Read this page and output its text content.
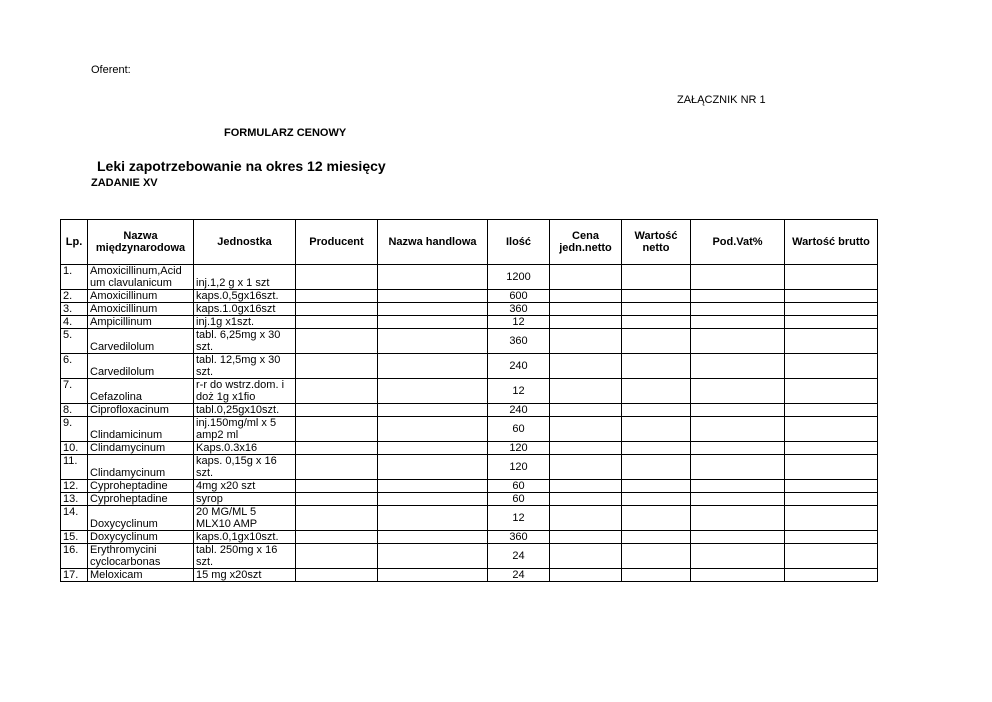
Oferent:
ZAŁĄCZNIK NR 1
FORMULARZ CENOWY
Leki zapotrzebowanie na okres 12 miesięcy
ZADANIE XV
Lp.	Nazwa międzynarodowa	Jednostka	Producent	Nazwa handlowa	Ilość	Cena jedn.netto	Wartość netto	Pod.Vat%	Wartość brutto
1.	Amoxicillinum,Acid um clavulanicum	inj.1,2 g x 1 szt			1200				
2.	Amoxicillinum	kaps.0,5gx16szt.			600				
3.	Amoxicillinum	kaps.1.0gx16szt			360				
4.	Ampicillinum	inj.1g x1szt.			12				
5.	Carvedilolum	tabl. 6,25mg x 30 szt.			360				
6.	Carvedilolum	tabl. 12,5mg x 30 szt.			240				
7.	Cefazolina	r-r do wstrz.dom. i doż 1g x1fio			12				
8.	Ciprofloxacinum	tabl.0,25gx10szt.			240				
9.	Clindamicinum	inj.150mg/ml x 5 amp2 ml			60				
10.	Clindamycinum	Kaps.0.3x16			120				
11.	Clindamycinum	kaps. 0,15g x 16 szt.			120				
12.	Cyproheptadine	4mg x20 szt			60				
13.	Cyproheptadine	syrop			60				
14.	Doxycyclinum	20 MG/ML 5 MLX10 AMP			12				
15.	Doxycyclinum	kaps.0,1gx10szt.			360				
16.	Erythromycini cyclocarbonas	tabl. 250mg x 16 szt.			24				
17.	Meloxicam	15 mg x20szt			24				
